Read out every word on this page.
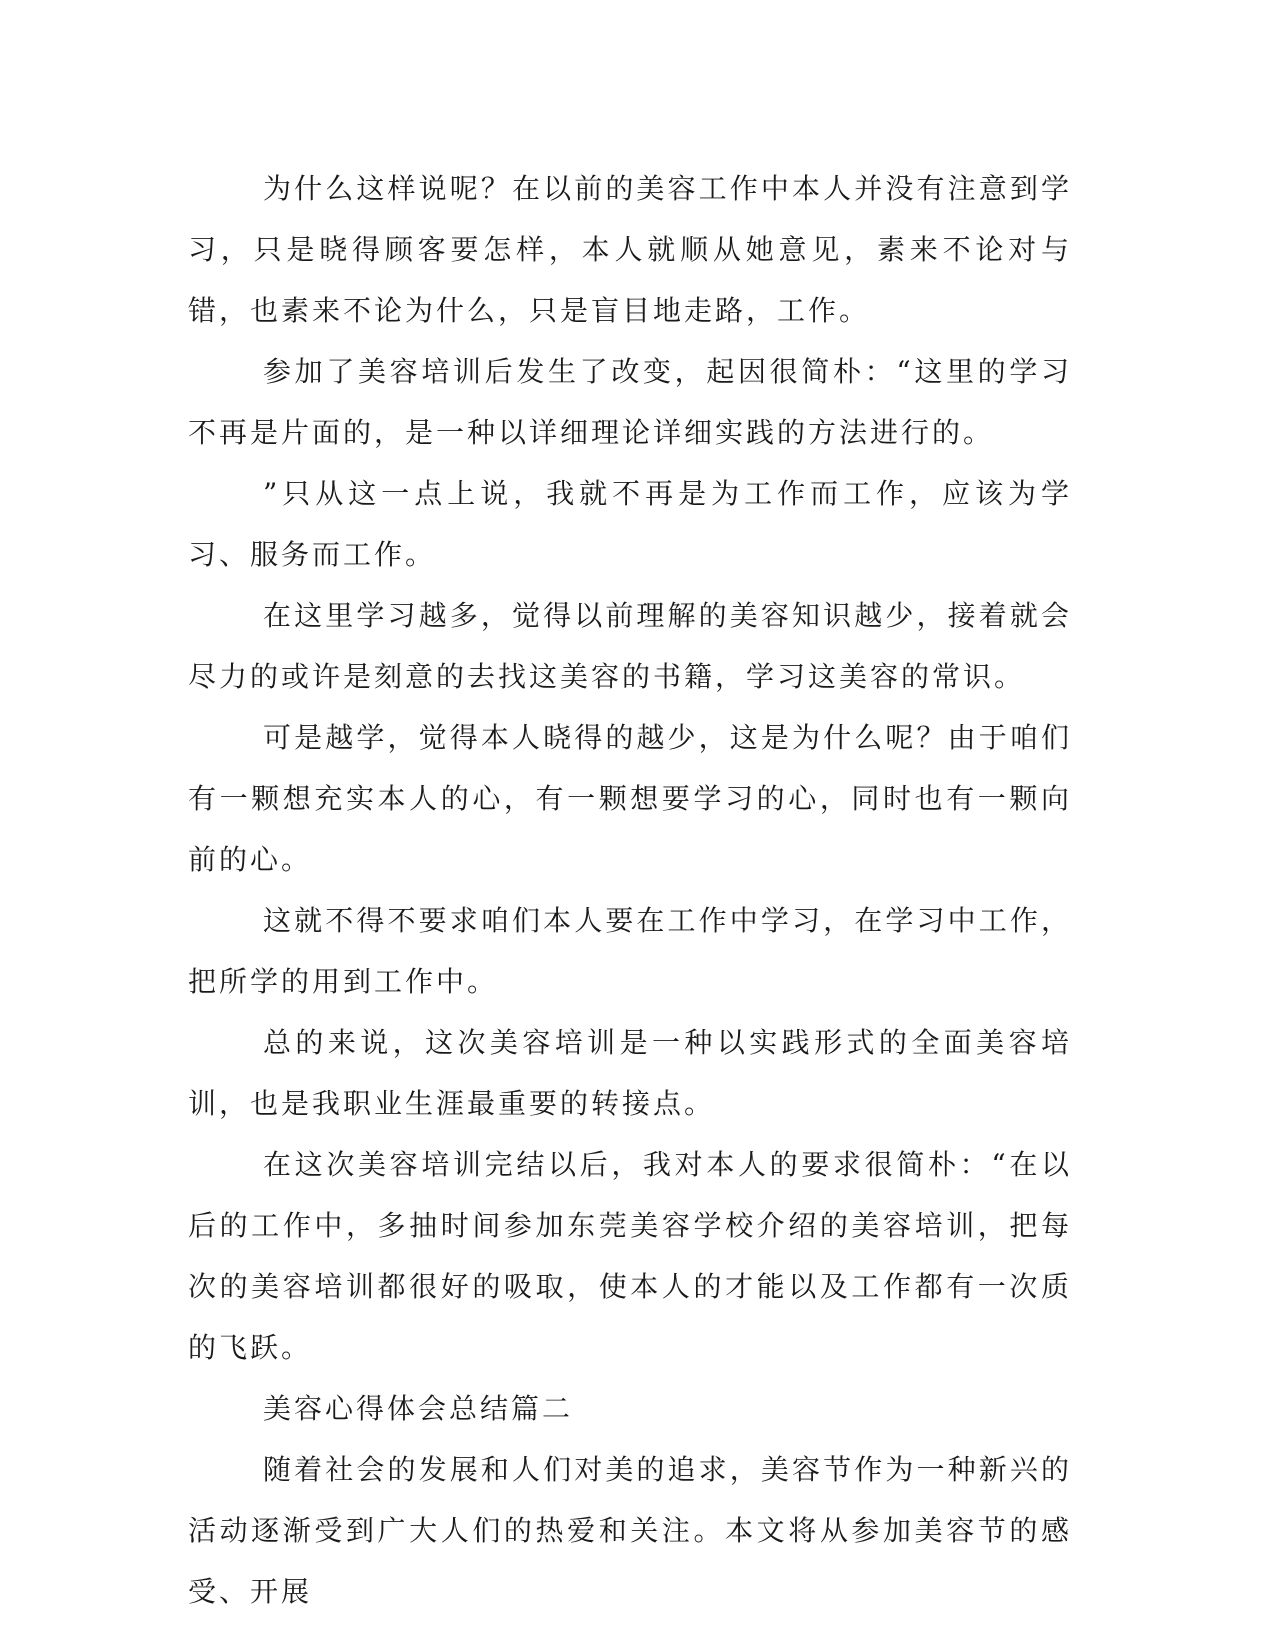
为什么这样说呢？在以前的美容工作中本人并没有注意到学习，只是晓得顾客要怎样，本人就顺从她意见，素来不论对与错，也素来不论为什么，只是盲目地走路，工作。

参加了美容培训后发生了改变，起因很简朴：“这里的学习不再是片面的，是一种以详细理论详细实践的方法进行的。

”只从这一点上说，我就不再是为工作而工作，应该为学习、服务而工作。

在这里学习越多，觉得以前理解的美容知识越少，接着就会尽力的或许是刻意的去找这美容的书籍，学习这美容的常识。

可是越学，觉得本人晓得的越少，这是为什么呢？由于咱们有一颗想充实本人的心，有一颗想要学习的心，同时也有一颗向前的心。

这就不得不要求咱们本人要在工作中学习，在学习中工作，把所学的用到工作中。

总的来说，这次美容培训是一种以实践形式的全面美容培训，也是我职业生涯最重要的转接点。

在这次美容培训完结以后，我对本人的要求很简朴：“在以后的工作中，多抽时间参加东莞美容学校介绍的美容培训，把每次的美容培训都很好的吸取，使本人的才能以及工作都有一次质的飞跃。

美容心得体会总结篇二

随着社会的发展和人们对美的追求，美容节作为一种新兴的活动逐渐受到广大人们的热爱和关注。本文将从参加美容节的感受、开展
